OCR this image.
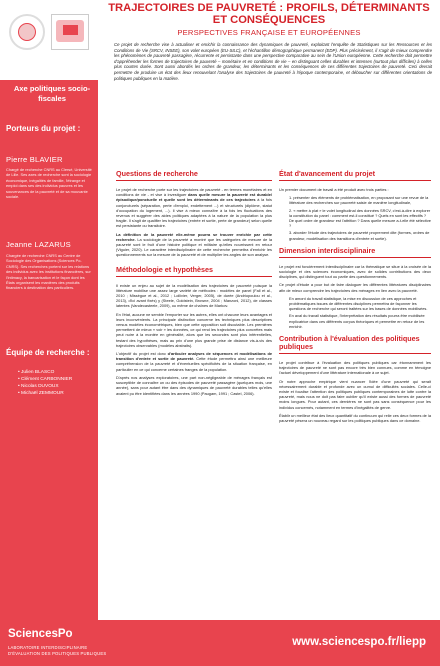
Axe politiques socio-fiscales
Porteurs du projet :
Pierre BLAVIER
Chargé de recherche CNRS au Clersé, Université de Lille. Ses axes de recherche sont la sociologie économique, inégalités de famille, l'étrange et emploi dans ses des individus pauvres et les souvenances de la pauvreté et de sa mouvante sociale.
Jeanne LAZARUS
Chargée de recherche CNRS au Centre de Sociologie des Organisations (Sciences Po-CNRS). Ses recherches portent sur les relations des individus avec les institutions financières, sur l'intimacy, la bancarisation et le façon dont les États organisent les manières des produits financiers à destination des particuliers.
Équipe de recherche :
• Julien BLASCO
• Clément CARBONNIER
• Nicolas DUVOUX
• Michaël ZEMMOUR
TRAJECTOIRES DE PAUVRETÉ : PROFILS, DÉTERMINANTS ET CONSÉQUENCES
PERSPECTIVES FRANÇAISE ET EUROPÉENNES
Ce projet de recherche vise à actualiser et enrichir la connaissance des dynamiques de pauvreté, exploitant l'enquête de Statistiques sur les Ressources et les Conditions de Vie (SRCV, INSEE), son volet européen (EU-SILC), et l'échantillon démographique permanent (EDP). Plus précisément, il s'agit de mieux comprendre les phénomènes de pauvreté passagère, récurrente et persistante dans une perspective comparative au sein de l'Union européenne. Cette recherche doit permettre d'appréhender les formes de trajectoires de pauvreté – monétaire et en conditions de vie – en distinguant celles durables et intenses (surtout plus difficiles) à celles plus courtes durée. Sont aussi abordés les ordres de grandeur, les déterminants et les conséquences de ces différentes trajectoires de pauvreté. Ceci devrait permettre de produire un état des lieux renouvelant l'analyse des trajectoires de pauvreté à l'époque contemporaine, et déboucher sur différentes orientations de politiques publiques en la matière.
Questions de recherche
Le projet de recherche porte sur les trajectoires de pauvreté - en termes monétaires et en conditions de vie - et vise à investiguer dans quelle mesure la pauvreté est durable/épisodique/ponctuelle et quelle sont les déterminants de ces trajectoires à la fois conjoncturels (séparation, perte d'emploi, endettement ...) et structurels (diplôme, statut d'occupation du logement, ...). Il vise à mieux connaître à la fois les fluctuations des revenus et suggérer des aides politiques adaptées à la nature de la population la plus fragile. Il s'agit de qualifier les trajectoires (entrée et sortie, perte de grandeur) selon quelle est persistante ou transitoire.
La définition de la pauvreté elle-même pourra se trouver enrichie par cette recherche. La sociologie de la pauvreté a montré que les catégories de mesure de la pauvreté sont le fruit d'une histoire politique et militaire qu'elles nourrissent en retour (Viguier, 2020). Le caractère interdisciplinaire de cette recherche permettra d'enrichir les questionnements sur la mesure de la pauvreté et de multiplier les angles de son analyse.
Méthodologie et hypothèses
Il existe un enjeu au sujet de la modélisation des trajectoires de pauvreté puisque la littérature mobilise une assez large variété de méthodes : modèles de panel (Fall et al., 2010 ; Missègue et al., 2012 ; Lollivier, Verger, 2005), de durée (Andriopoulou et al., 2013), d'ici avant fixés) y (Steele, Goldstein, Browne, 2004 ; Manzoni, 2012), de classes latentes (Vandecasteele, 2009), ou même de chaînes de Markov.
En l'état, aucune ne semble l'emporter sur les autres, elles ont chacune leurs avantages et leurs inconvénients. La principale distinction concerne les techniques plus descriptives versus modèles économétriques, bien que cette opposition soit discutable. Les premières permettent de mieux « voir » les données, ce qui rend les trajectoires plus concrètes mais peut nuire à la montée en généralité, alors que les secondes sont plus inférentielles, testant des hypothèses, mais au prix d'une plus grande prise de distance vis-à-vis des trajectoires observables (modèles abstraits).
L'objectif du projet est donc d'articuler analyses de séquences et modélisations de transition d'entrée et sortie de pauvreté. Cette étude permettra ainsi une meilleure compréhension de la pauvreté et d'éventuelles spécificités de la situation française, en particulier en ce qui concerne certaines franges de la population.
D'après nos analyses exploratoires, une part non-négligeable de ménages français est susceptible de connaître un ou des épisodes de pauvreté passagère (quelques mois, une année), sans pour autant être dans des dynamiques de pauvreté durables telles qu'elles avaient pu être identifiées dans les années 1990 (Paugam, 1991 ; Castel, 2006).
État d'avancement du projet
Un premier document de travail a été produit avec trois parties :
1. présenter des éléments de problématisation, en proposant sur une revue de la littérature des recherches sur pauvreté saisie de manière longitudinale,
2. « mettre à plat » le volet longitudinal des données SRCV, c'est-à-dire à explorer la constitution du panel : comment est-il constitué ? Quels en sont les effectifs ? De quel ordre de grandeur est l'attrition ? Dans quelle mesure a-t-elle été sélective ?
3. aborder l'étude des trajectoires de pauvreté proprement dite (formes, ordres de grandeur, modélisation des transitions d'entrée et sortie).
Dimension interdisciplinaire
Le projet est foncièrement interdisciplinaire car la thématique se situe à la croisée de la sociologie et des sciences économiques, avec de solides contributions des deux disciplines, qui distinguent tout ou partie des questionnements.
Ce projet d'étude a pour but de faire dialoguer les différentes littératures disciplinaires afin de mieux comprendre les trajectoires des ménages en lien avec la pauvreté.
En amont du travail statistique, la mise en discussion de ces approches et problématiques issues de différentes disciplines permettra de façonner les questions de recherche qui seront traitées sur les bases de données mobilisées.
En aval du travail statistique, l'interprétation des résultats pourra être mobilisée explicatrice dans ces différents corpus théoriques et permettre en retour de les enrichir.
Contribution à l'évaluation des politiques publiques
Le projet contribue à l'évaluation des politiques publiques car étonnamment les trajectoires de pauvreté ne sont pas encore très bien connues, comme en témoigne l'actuel développement d'une littérature internationale à ce sujet.
Or notre approche empirique vient nuancer l'idée d'une pauvreté qui serait nécessairement durable et profonde avec un cumul de difficultés sociales. Celle-ci existe et focalise l'attention des politiques publiques contemporaines de lutte contre la pauvreté, mais nous ne doit pas faire oublier qu'il existe aussi des formes de pauvreté moins longues. Pour autant, ces dernières ne sont pas sans conséquence pour les individus concernés, notamment en termes d'inégalités de genre.
Établir un meilleur état des lieux quantitatif du continuum qui relie ces deux formes de la pauvreté pèsera un nouveau regard sur les politiques publiques dans ce domaine.
SciencesPo
LABORATOIRE INTERDISCIPLINAIRE
D'ÉVALUATION DES POLITIQUES PUBLIQUES
www.sciencespo.fr/liepp
